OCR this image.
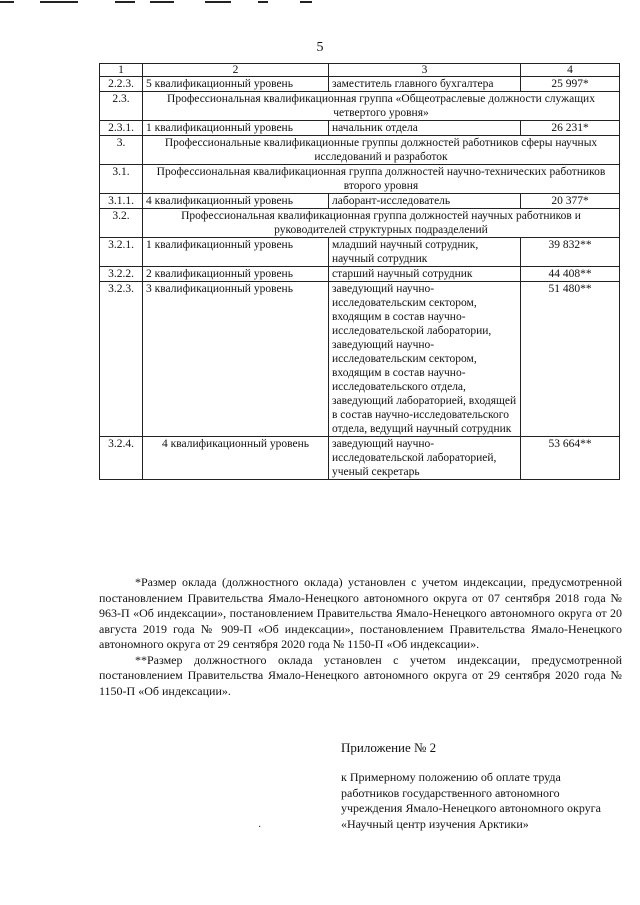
5
1	2	3	4
2.2.3.	5 квалификационный уровень	заместитель главного бухгалтера	25 997*
2.3.	Профессиональная квалификационная группа «Общеотраслевые должности служащих четвертого уровня»		
2.3.1.	1 квалификационный уровень	начальник отдела	26 231*
3.	Профессиональные квалификационные группы должностей работников сферы научных исследований и разработок		
3.1.	Профессиональная квалификационная группа должностей научно-технических работников второго уровня		
3.1.1.	4 квалификационный уровень	лаборант-исследователь	20 377*
3.2.	Профессиональная квалификационная группа должностей научных работников и руководителей структурных подразделений		
3.2.1.	1 квалификационный уровень	младший научный сотрудник, научный сотрудник	39 832**
3.2.2.	2 квалификационный уровень	старший научный сотрудник	44 408**
3.2.3.	3 квалификационный уровень	заведующий научно-исследовательским сектором, входящим в состав научно-исследовательской лаборатории, заведующий научно-исследовательским сектором, входящим в состав научно-исследовательского отдела, заведующий лабораторией, входящей в состав научно-исследовательского отдела, ведущий научный сотрудник	51 480**
3.2.4.	4 квалификационный уровень	заведующий научно-исследовательской лабораторией, ученый секретарь	53 664**

*Размер оклада (должностного оклада) установлен с учетом индексации, предусмотренной постановлением Правительства Ямало-Ненецкого автономного округа от 07 сентября 2018 года № 963-П «Об индексации», постановлением Правительства Ямало-Ненецкого автономного округа от 20 августа 2019 года № 909-П «Об индексации», постановлением Правительства Ямало-Ненецкого автономного округа от 29 сентября 2020 года № 1150-П «Об индексации».

**Размер должностного оклада установлен с учетом индексации, предусмотренной постановлением Правительства Ямало-Ненецкого автономного округа от 29 сентября 2020 года № 1150-П «Об индексации».

Приложение № 2
к Примерному положению об оплате труда работников государственного автономного учреждения Ямало-Ненецкого автономного округа «Научный центр изучения Арктики»
·
